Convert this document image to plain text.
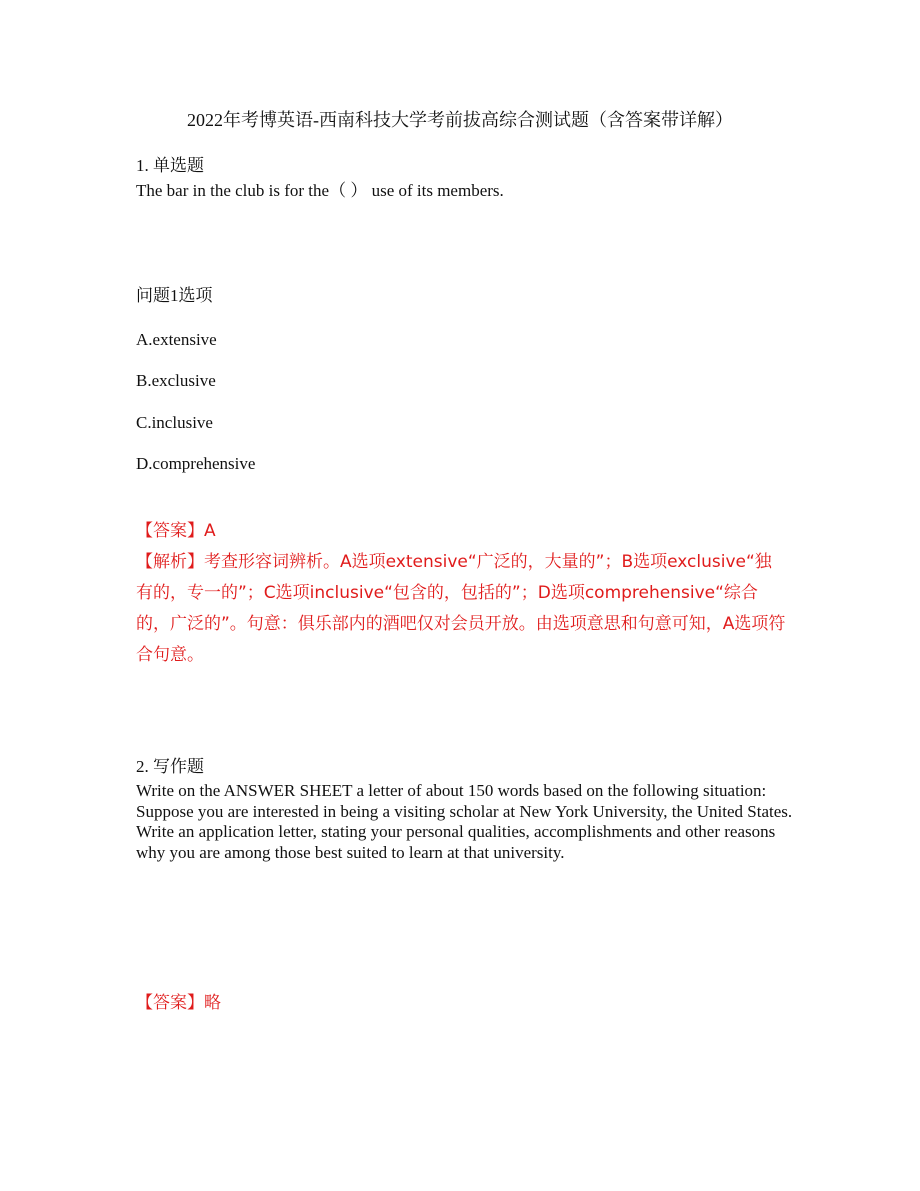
2022年考博英语-西南科技大学考前拔高综合测试题（含答案带详解）
1. 单选题
The bar in the club is for the（ ） use of its members.
问题1选项
A.extensive
B.exclusive
C.inclusive
D.comprehensive
【答案】A
【解析】考查形容词辨析。A选项extensive“广泛的，大量的”；B选项exclusive“独有的，专一的”；C选项inclusive“包含的，包括的”；D选项comprehensive“综合的，广泛的”。句意：俱乐部内的酒吧仅对会员开放。由选项意思和句意可知，A选项符合句意。
2. 写作题

Write on the ANSWER SHEET a letter of about 150 words based on the following situation:

Suppose you are interested in being a visiting scholar at New York University, the United States. Write an application letter, stating your personal qualities, accomplishments and other reasons why you are among those best suited to learn at that university.

【答案】略
